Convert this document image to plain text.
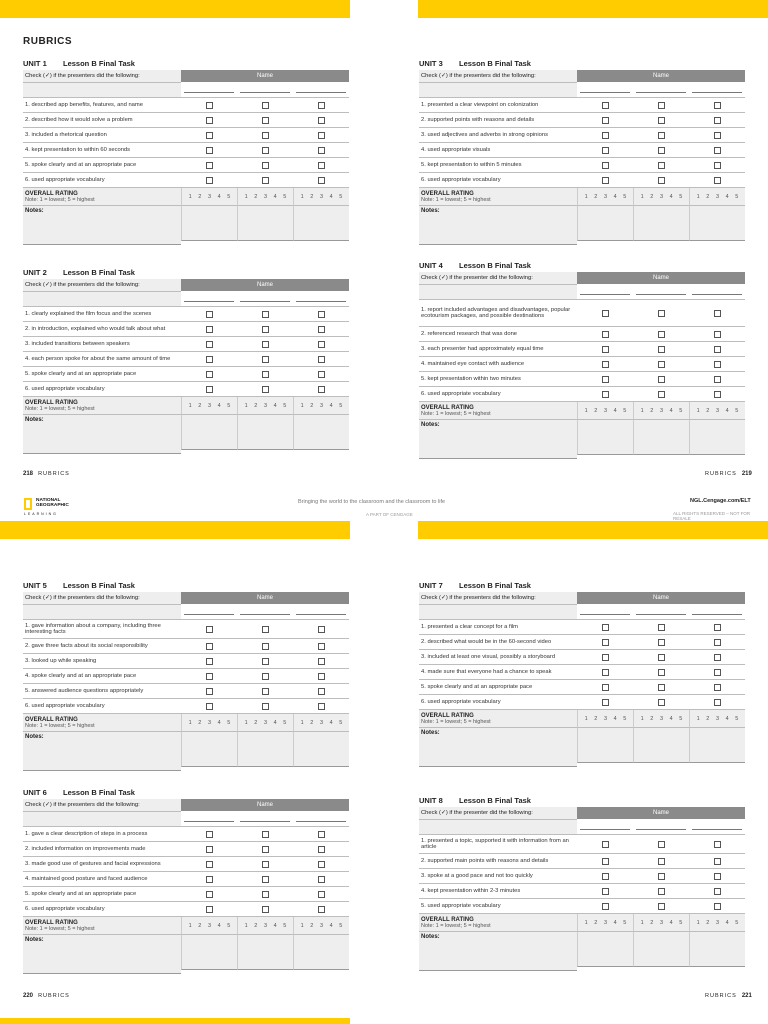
RUBRICS
UNIT 1 Lesson B Final Task
Check (✓) if the presenters did the following:	Name
1. described app benefits, features, and name
2. described how it would solve a problem
3. included a rhetorical question
4. kept presentation to within 60 seconds
5. spoke clearly and at an appropriate pace
6. used appropriate vocabulary
OVERALL RATING
Note: 1 = lowest; 5 = highest	1 2 3 4 5	1 2 3 4 5	1 2 3 4 5
Notes:
UNIT 2 Lesson B Final Task
Check (✓) if the presenters did the following:	Name
1. clearly explained the film focus and the scenes
2. in introduction, explained who would talk about what
3. included transitions between speakers
4. each person spoke for about the same amount of time
5. spoke clearly and at an appropriate pace
6. used appropriate vocabulary
OVERALL RATING
Note: 1 = lowest; 5 = highest	1 2 3 4 5	1 2 3 4 5	1 2 3 4 5
Notes:
UNIT 3 Lesson B Final Task
Check (✓) if the presenters did the following:	Name
1. presented a clear viewpoint on colonization
2. supported points with reasons and details
3. used adjectives and adverbs in strong opinions
4. used appropriate visuals
5. kept presentation to within 5 minutes
6. used appropriate vocabulary
OVERALL RATING
Note: 1 = lowest; 5 = highest	1 2 3 4 5	1 2 3 4 5	1 2 3 4 5
Notes:
UNIT 4 Lesson B Final Task
Check (✓) if the presenter did the following:	Name
1. report included advantages and disadvantages, popular ecotourism packages, and possible destinations
2. referenced research that was done
3. each presenter had approximately equal time
4. maintained eye contact with audience
5. kept presentation within two minutes
6. used appropriate vocabulary
OVERALL RATING
Note: 1 = lowest; 5 = highest	1 2 3 4 5	1 2 3 4 5	1 2 3 4 5
Notes:
UNIT 5 Lesson B Final Task
Check (✓) if the presenters did the following:	Name
1. gave information about a company, including three interesting facts
2. gave three facts about its social responsibility
3. looked up while speaking
4. spoke clearly and at an appropriate pace
5. answered audience questions appropriately
6. used appropriate vocabulary
OVERALL RATING
Note: 1 = lowest; 5 = highest	1 2 3 4 5	1 2 3 4 5	1 2 3 4 5
Notes:
UNIT 6 Lesson B Final Task
Check (✓) if the presenters did the following:	Name
1. gave a clear description of steps in a process
2. included information on improvements made
3. made good use of gestures and facial expressions
4. maintained good posture and faced audience
5. spoke clearly and at an appropriate pace
6. used appropriate vocabulary
OVERALL RATING
Note: 1 = lowest; 5 = highest	1 2 3 4 5	1 2 3 4 5	1 2 3 4 5
Notes:
UNIT 7 Lesson B Final Task
Check (✓) if the presenters did the following:	Name
1. presented a clear concept for a film
2. described what would be in the 60-second video
3. included at least one visual, possibly a storyboard
4. made sure that everyone had a chance to speak
5. spoke clearly and at an appropriate pace
6. used appropriate vocabulary
OVERALL RATING
Note: 1 = lowest; 5 = highest	1 2 3 4 5	1 2 3 4 5	1 2 3 4 5
Notes:
UNIT 8 Lesson B Final Task
Check (✓) if the presenter did the following:	Name
1. presented a topic, supported it with information from an article
2. supported main points with reasons and details
3. spoke at a good pace and not too quickly
4. kept presentation within 2-3 minutes
5. used appropriate vocabulary
OVERALL RATING
Note: 1 = lowest; 5 = highest	1 2 3 4 5	1 2 3 4 5	1 2 3 4 5
Notes:
218 RUBRICS	RUBRICS 219
220 RUBRICS	RUBRICS 221
NATIONAL
GEOGRAPHIC
LEARNING
Bringing the world to the classroom and the classroom to life
A PART OF CENGAGE
NGL.Cengage.com/ELT
ALL RIGHTS RESERVED – NOT FOR RESALE
